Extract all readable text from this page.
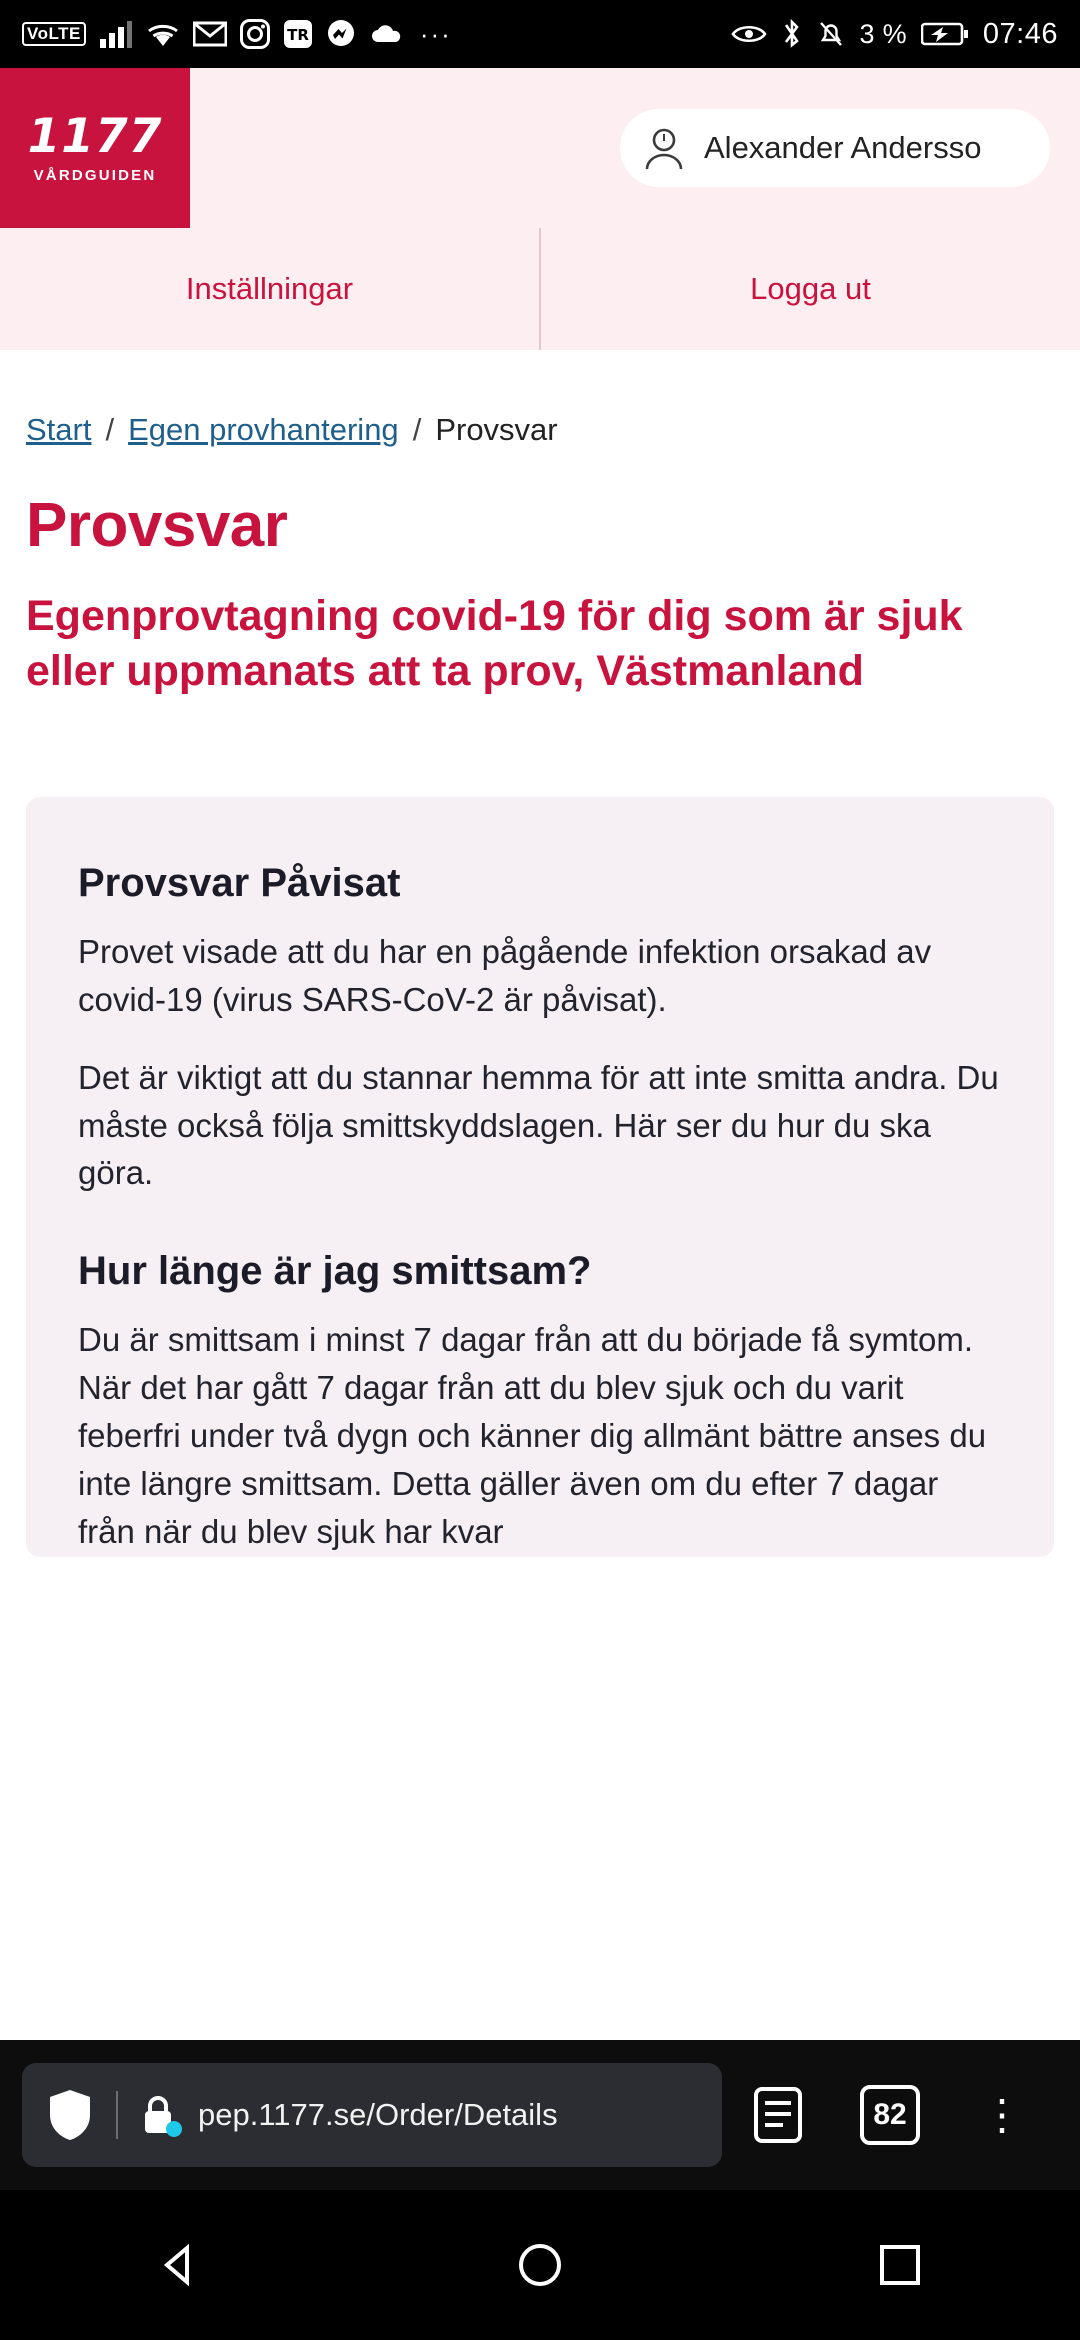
VoLTE	TR	···	3 %	07:46
1177
VÅRDGUIDEN
Alexander Andersso
Inställningar	Logga ut
Start / Egen provhantering / Provsvar
Provsvar
Egenprovtagning covid-19 för dig som är sjuk eller uppmanats att ta prov, Västmanland
Provsvar Påvisat

Provet visade att du har en pågående infektion orsakad av covid-19 (virus SARS-CoV-2 är påvisat).

Det är viktigt att du stannar hemma för att inte smitta andra. Du måste också följa smittskyddslagen. Här ser du hur du ska göra.

Hur länge är jag smittsam?

Du är smittsam i minst 7 dagar från att du började få symtom. När det har gått 7 dagar från att du blev sjuk och du varit feberfri under två dygn och känner dig allmänt bättre anses du inte längre smittsam. Detta gäller även om du efter 7 dagar från när du blev sjuk har kvar

pep.1177.se/Order/Details	82	⋮
